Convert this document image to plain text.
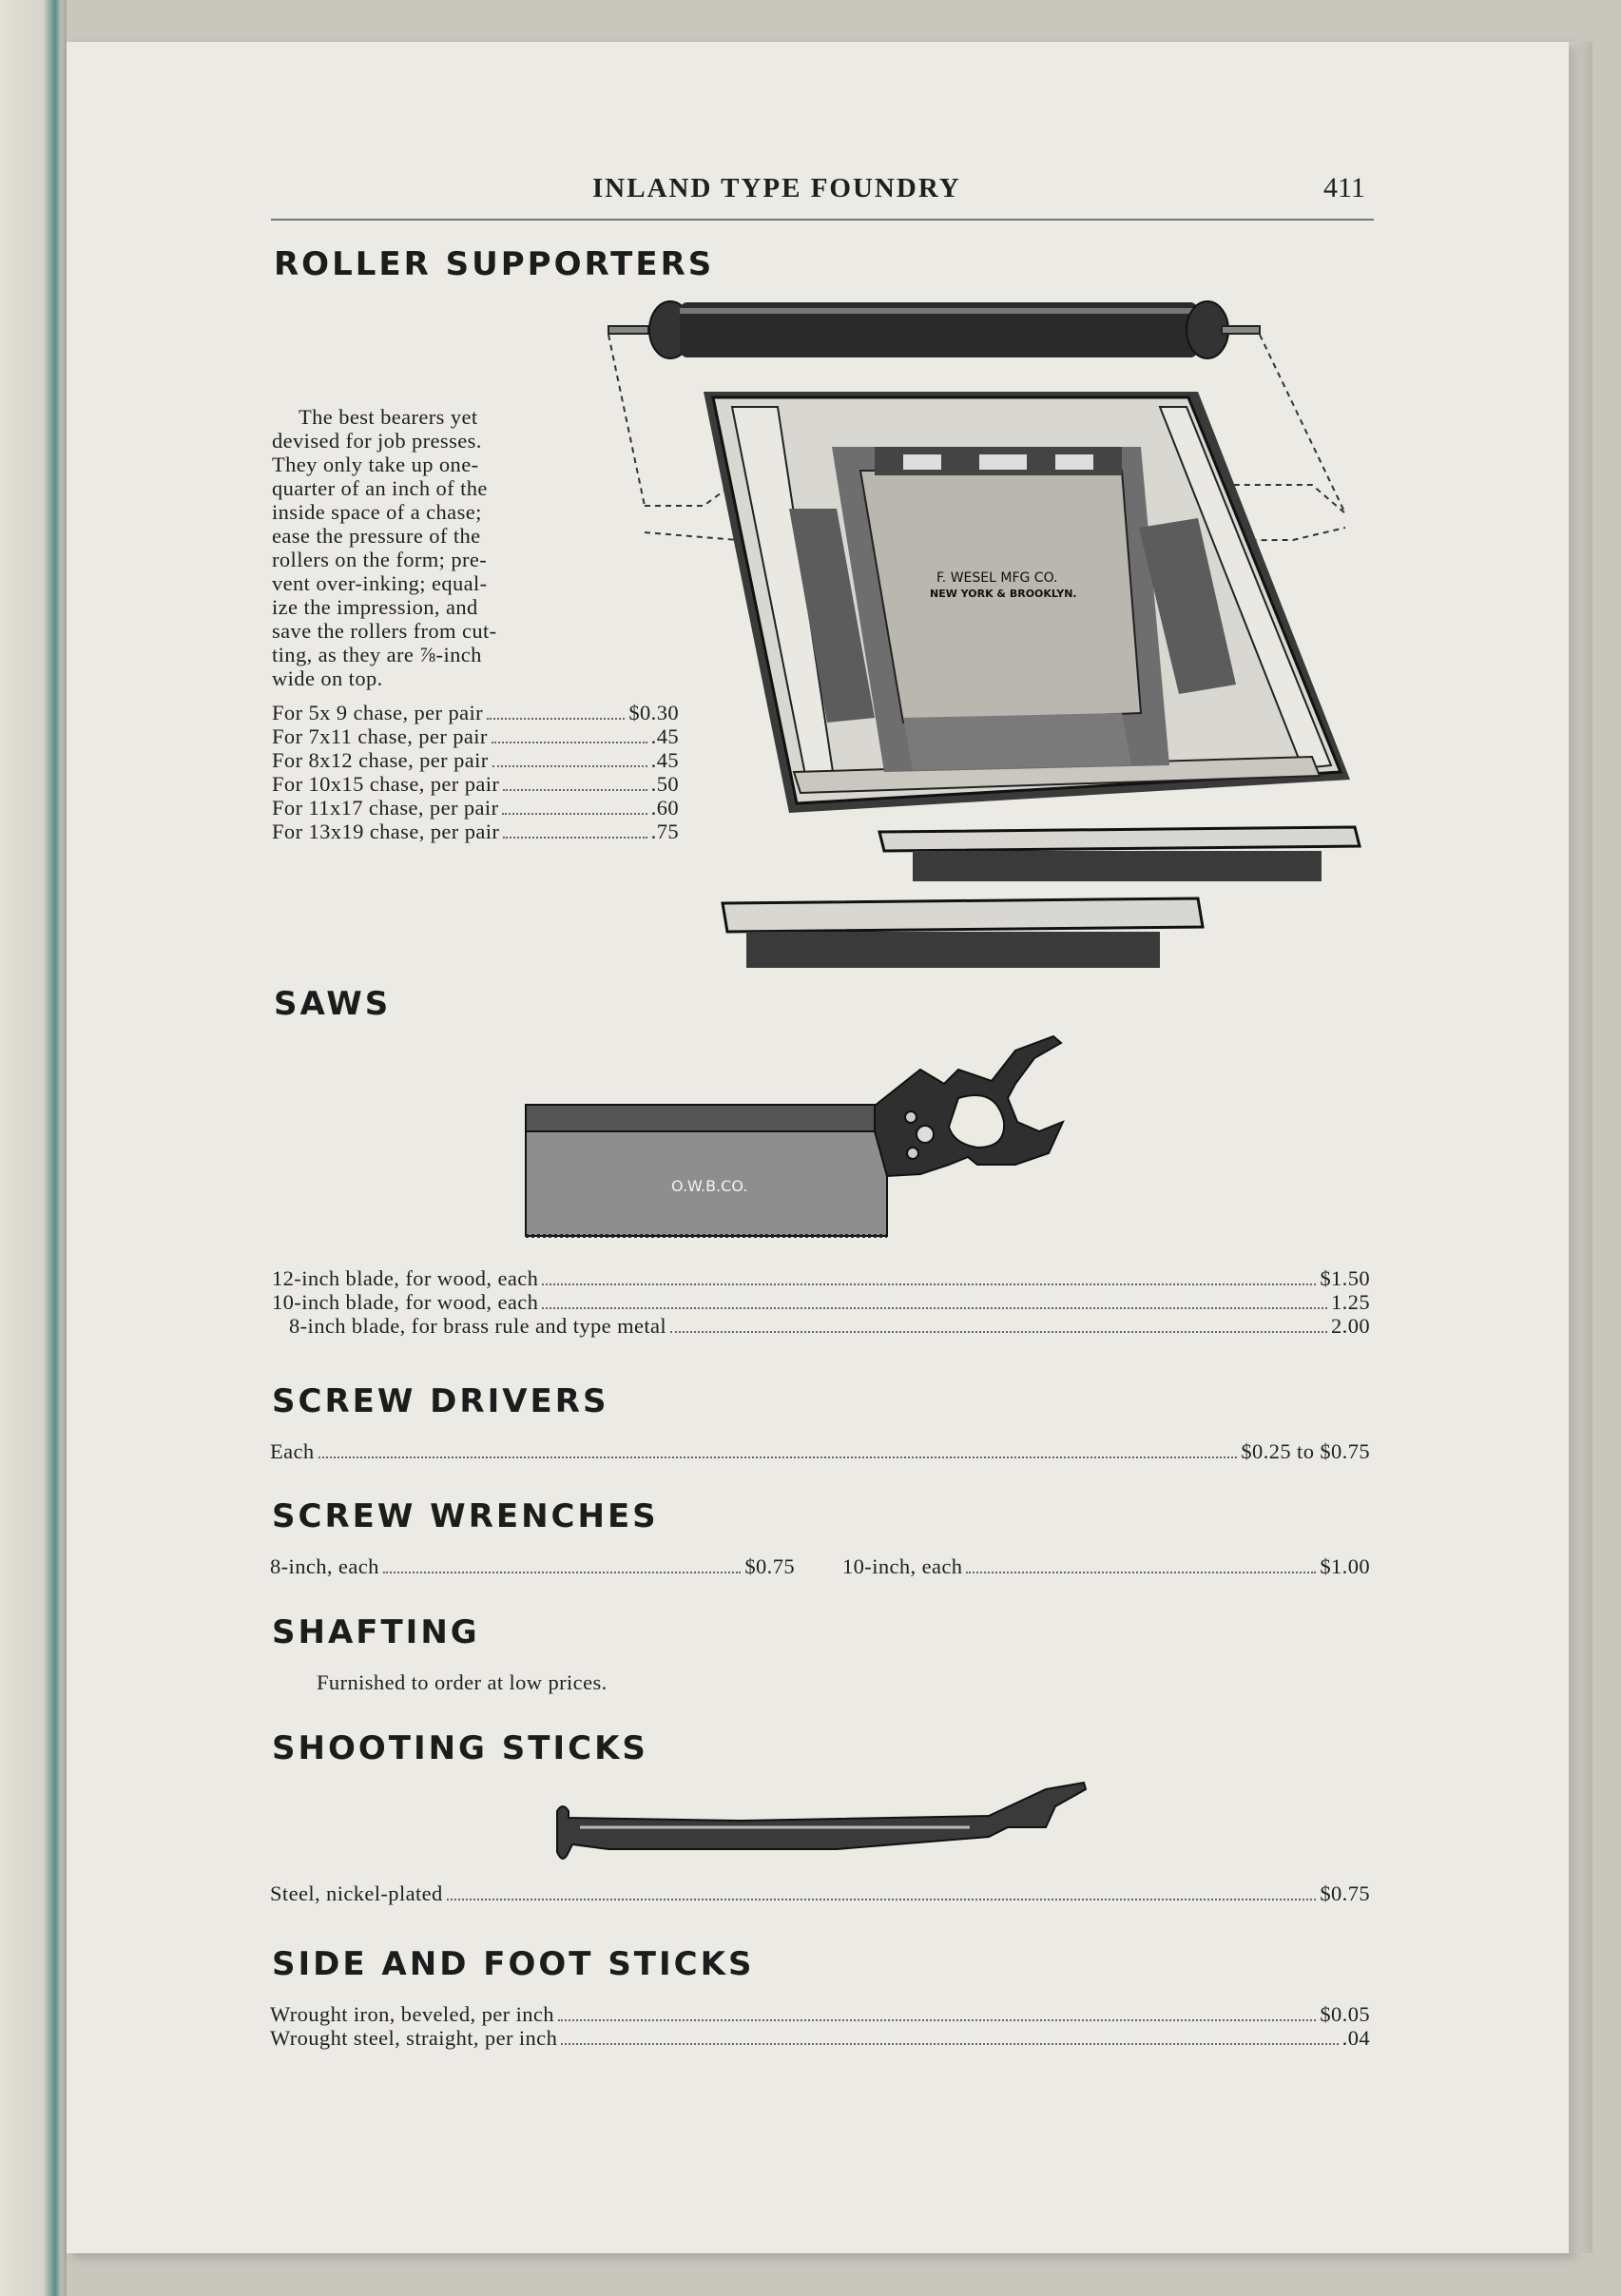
INLAND TYPE FOUNDRY	411
ROLLER SUPPORTERS
The best bearers yet
devised for job presses.
They only take up one-
quarter of an inch of the
inside space of a chase;
ease the pressure of the
rollers on the form; pre-
vent over-inking; equal-
ize the impression, and
save the rollers from cut-
ting, as they are ⅞-inch
wide on top.
For 5x 9 chase, per pair	$0.30
For 7x11 chase, per pair	.45
For 8x12 chase, per pair	.45
For 10x15 chase, per pair	.50
For 11x17 chase, per pair	.60
For 13x19 chase, per pair	.75
F. WESEL MFG CO.
NEW YORK & BROOKLYN.
SAWS
O.W.B.CO.
12-inch blade, for wood, each	$1.50
10-inch blade, for wood, each	1.25
8-inch blade, for brass rule and type metal	2.00
SCREW DRIVERS
Each	$0.25 to $0.75
SCREW WRENCHES
8-inch, each	$0.75 10-inch, each	$1.00
SHAFTING
Furnished to order at low prices.
SHOOTING STICKS
Steel, nickel-plated	$0.75
SIDE AND FOOT STICKS
Wrought iron, beveled, per inch	$0.05
Wrought steel, straight, per inch	.04
